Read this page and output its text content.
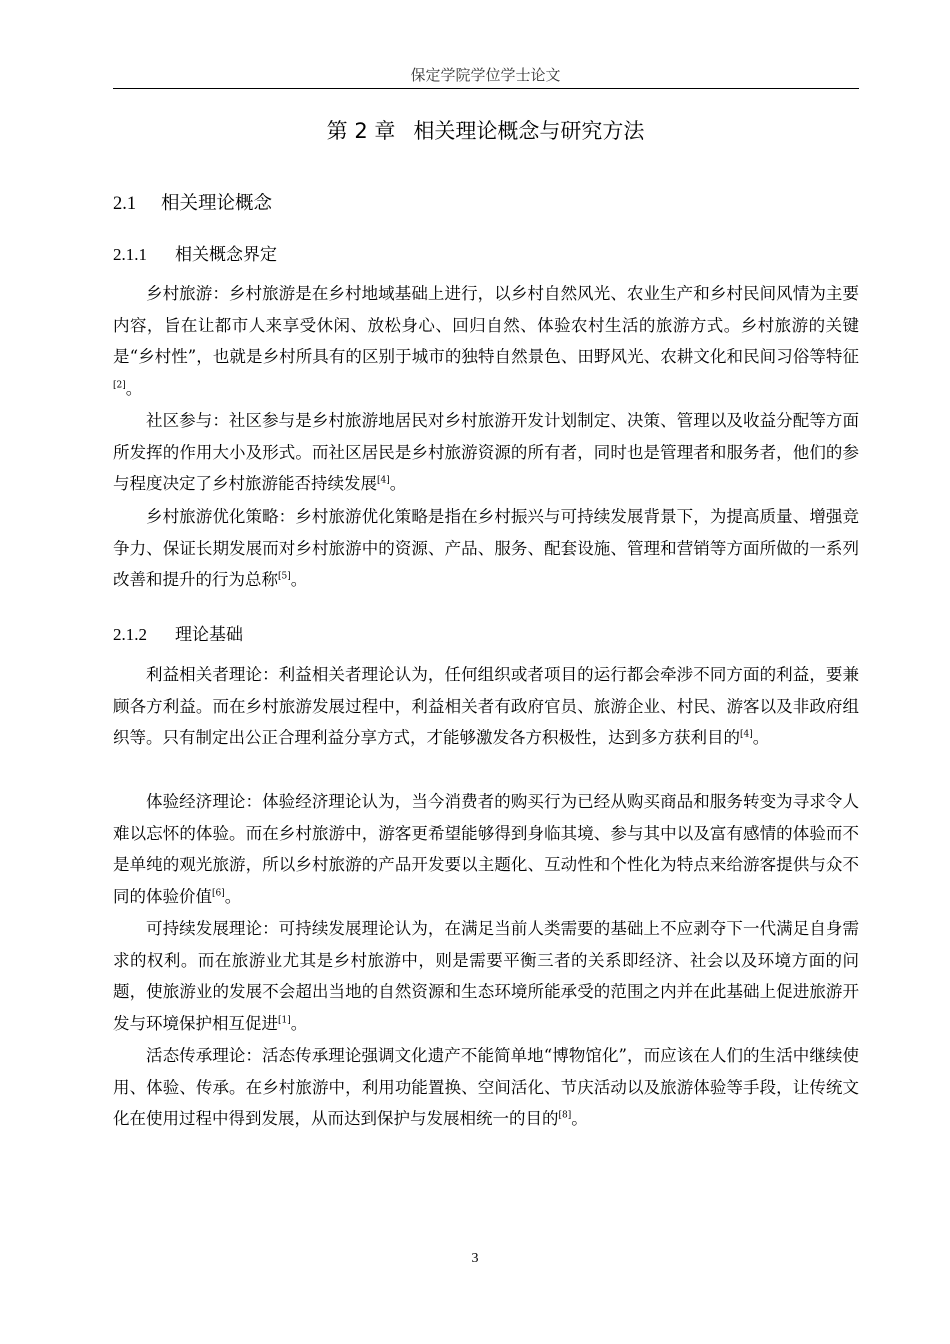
保定学院学位学士论文
第 2 章 相关理论概念与研究方法
2.1 相关理论概念
2.1.1 相关概念界定

乡村旅游：乡村旅游是在乡村地域基础上进行，以乡村自然风光、农业生产和乡村民间风情为主要内容，旨在让都市人来享受休闲、放松身心、回归自然、体验农村生活的旅游方式。乡村旅游的关键是“乡村性”，也就是乡村所具有的区别于城市的独特自然景色、田野风光、农耕文化和民间习俗等特征[2]。

社区参与：社区参与是乡村旅游地居民对乡村旅游开发计划制定、决策、管理以及收益分配等方面所发挥的作用大小及形式。而社区居民是乡村旅游资源的所有者，同时也是管理者和服务者，他们的参与程度决定了乡村旅游能否持续发展[4]。

乡村旅游优化策略：乡村旅游优化策略是指在乡村振兴与可持续发展背景下，为提高质量、增强竞争力、保证长期发展而对乡村旅游中的资源、产品、服务、配套设施、管理和营销等方面所做的一系列改善和提升的行为总称[5]。

2.1.2 理论基础

利益相关者理论：利益相关者理论认为，任何组织或者项目的运行都会牵涉不同方面的利益，要兼顾各方利益。而在乡村旅游发展过程中，利益相关者有政府官员、旅游企业、村民、游客以及非政府组织等。只有制定出公正合理利益分享方式，才能够激发各方积极性，达到多方获利目的[4]。

体验经济理论：体验经济理论认为，当今消费者的购买行为已经从购买商品和服务转变为寻求令人难以忘怀的体验。而在乡村旅游中，游客更希望能够得到身临其境、参与其中以及富有感情的体验而不是单纯的观光旅游，所以乡村旅游的产品开发要以主题化、互动性和个性化为特点来给游客提供与众不同的体验价值[6]。

可持续发展理论：可持续发展理论认为，在满足当前人类需要的基础上不应剥夺下一代满足自身需求的权利。而在旅游业尤其是乡村旅游中，则是需要平衡三者的关系即经济、社会以及环境方面的问题，使旅游业的发展不会超出当地的自然资源和生态环境所能承受的范围之内并在此基础上促进旅游开发与环境保护相互促进[1]。

活态传承理论：活态传承理论强调文化遗产不能简单地“博物馆化”，而应该在人们的生活中继续使用、体验、传承。在乡村旅游中，利用功能置换、空间活化、节庆活动以及旅游体验等手段，让传统文化在使用过程中得到发展，从而达到保护与发展相统一的目的[8]。

3
